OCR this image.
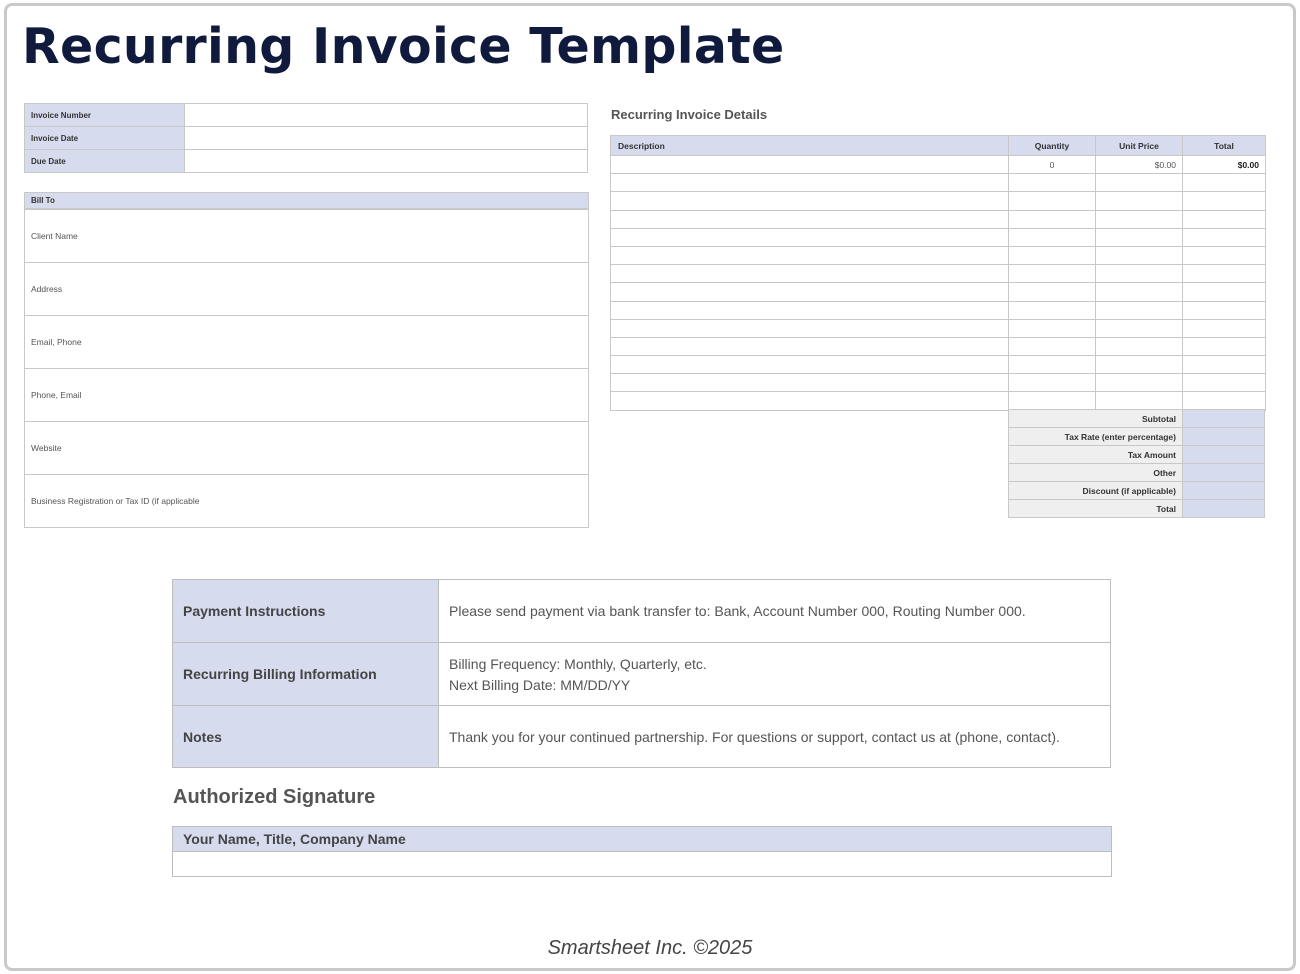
Recurring Invoice Template
Invoice Number	
Invoice Date	
Due Date	
Bill To
Client Name
Address
Email, Phone
Phone, Email
Website
Business Registration or Tax ID (if applicable
Recurring Invoice Details
Description	Quantity	Unit Price	Total
	0	$0.00	$0.00

Subtotal	
Tax Rate (enter percentage)	
Tax Amount	
Other	
Discount (if applicable)	
Total	
Payment Instructions	Please send payment via bank transfer to: Bank, Account Number 000, Routing Number 000.
Recurring Billing Information	Billing Frequency: Monthly, Quarterly, etc.
Next Billing Date: MM/DD/YY

Notes	Thank you for your continued partnership. For questions or support, contact us at (phone, contact).
Authorized Signature
Your Name, Title, Company Name
Smartsheet Inc. ©2025
